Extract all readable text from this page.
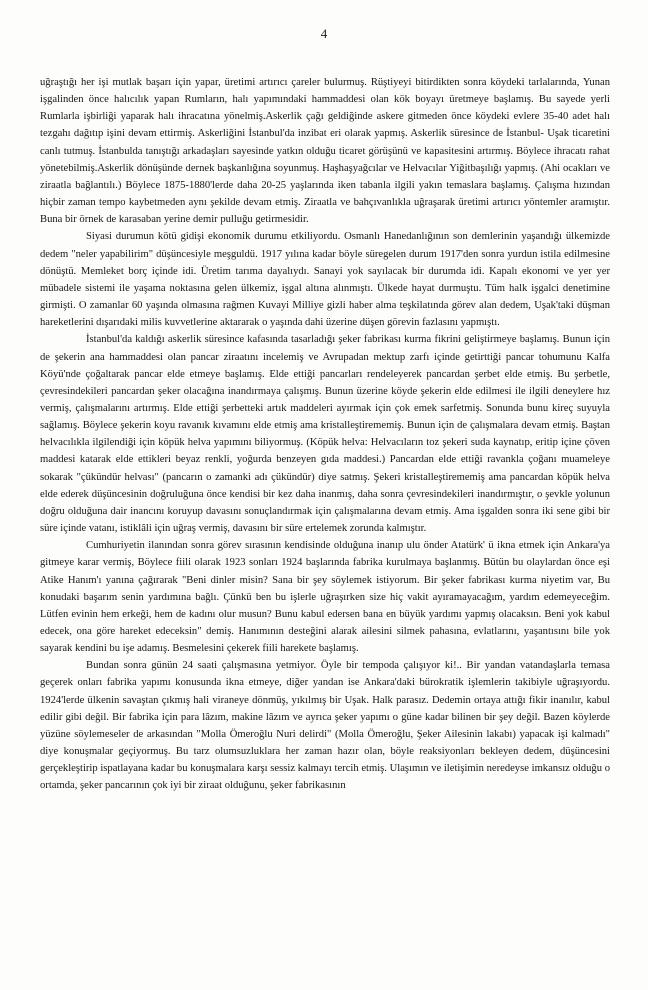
4

uğraştığı her işi mutlak başarı için yapar, üretimi artırıcı çareler bulurmuş. Rüştiyeyi bitirdikten sonra köydeki tarlalarında, Yunan işgalinden önce halıcılık yapan Rumların, halı yapımındaki hammaddesi olan kök boyayı üretmeye başlamış. Bu sayede yerli Rumlarla işbirliği yaparak halı ihracatına yönelmiş.Askerlik çağı geldiğinde askere gitmeden önce köydeki evlere 35-40 adet halı tezgahı dağıtıp işini devam ettirmiş. Askerliğini İstanbul'da inzibat eri olarak yapmış. Askerlik süresince de İstanbul- Uşak ticaretini canlı tutmuş. İstanbulda tanıştığı arkadaşları sayesinde yatkın olduğu ticaret görüşünü ve kapasitesini artırmış. Böylece ihracatı rahat yönetebilmiş.Askerlik dönüşünde dernek başkanlığına soyunmuş. Haşhaşyağcılar ve Helvacılar Yiğitbaşılığı yapmış. (Ahi ocakları ve ziraatla bağlantılı.) Böylece 1875-1880'lerde daha 20-25 yaşlarında iken tabanla ilgili yakın temaslara başlamış. Çalışma hızından hiçbir zaman tempo kaybetmeden aynı şekilde devam etmiş. Ziraatla ve bahçıvanlıkla uğraşarak üretimi artırıcı yöntemler aramıştır. Buna bir örnek de karasaban yerine demir pulluğu getirmesidir.

Siyasi durumun kötü gidişi ekonomik durumu etkiliyordu. Osmanlı Hanedanlığının son demlerinin yaşandığı ülkemizde dedem "neler yapabilirim" düşüncesiyle meşguldü. 1917 yılına kadar böyle süregelen durum 1917'den sonra yurdun istila edilmesine dönüştü. Memleket borç içinde idi. Üretim tarıma dayalıydı. Sanayi yok sayılacak bir durumda idi. Kapalı ekonomi ve yer yer mübadele sistemi ile yaşama noktasına gelen ülkemiz, işgal altına alınmıştı. Ülkede hayat durmuştu. Tüm halk işgalci denetimine girmişti. O zamanlar 60 yaşında olmasına rağmen Kuvayi Milliye gizli haber alma teşkilatında görev alan dedem, Uşak'taki düşman hareketlerini dışarıdaki milis kuvvetlerine aktararak o yaşında dahi üzerine düşen görevin fazlasını yapmıştı.

İstanbul'da kaldığı askerlik süresince kafasında tasarladığı şeker fabrikası kurma fikrini geliştirmeye başlamış. Bunun için de şekerin ana hammaddesi olan pancar ziraatını incelemiş ve Avrupadan mektup zarfı içinde getirttiği pancar tohumunu Kalfa Köyü'nde çoğaltarak pancar elde etmeye başlamış. Elde ettiği pancarları rendeleyerek pancardan şerbet elde etmiş. Bu şerbetle, çevresindekileri pancardan şeker olacağına inandırmaya çalışmış. Bunun üzerine köyde şekerin elde edilmesi ile ilgili deneylere hız vermiş, çalışmalarını artırmış. Elde ettiği şerbetteki artık maddeleri ayırmak için çok emek sarfetmiş. Sonunda bunu kireç suyuyla sağlamış. Böylece şekerin koyu ravanık kıvamını elde etmiş ama kristalleştirememiş. Bunun için de çalışmalara devam etmiş. Baştan helvacılıkla ilgilendiği için köpük helva yapımını biliyormuş. (Köpük helva: Helvacıların toz şekeri suda kaynatıp, eritip içine çöven maddesi katarak elde ettikleri beyaz renkli, yoğurda benzeyen gıda maddesi.) Pancardan elde ettiği ravankla çoğanı muameleye sokarak "çükündür helvası" (pancarın o zamanki adı çükündür) diye satmış. Şekeri kristalleştirememiş ama pancardan köpük helva elde ederek düşüncesinin doğruluğuna önce kendisi bir kez daha inanmış, daha sonra çevresindekileri inandırmıştır, o şevkle yolunun doğru olduğuna dair inancını koruyup davasını sonuçlandırmak için çalışmalarına devam etmiş. Ama işgalden sonra iki sene gibi bir süre içinde vatanı, istiklâli için uğraş vermiş, davasını bir süre ertelemek zorunda kalmıştır.

Cumhuriyetin ilanından sonra görev sırasının kendisinde olduğuna inanıp ulu önder Atatürk' ü ikna etmek için Ankara'ya gitmeye karar vermiş, Böylece fiili olarak 1923 sonları 1924 başlarında fabrika kurulmaya başlanmış. Bütün bu olaylardan önce eşi Atike Hanım'ı yanına çağırarak "Beni dinler misin? Sana bir şey söylemek istiyorum. Bir şeker fabrikası kurma niyetim var, Bu konudaki başarım senin yardımına bağlı. Çünkü ben bu işlerle uğraşırken size hiç vakit ayıramayacağım, yardım edemeyeceğim. Lütfen evinin hem erkeği, hem de kadını olur musun? Bunu kabul edersen bana en büyük yardımı yapmış olacaksın. Beni yok kabul edecek, ona göre hareket edeceksin" demiş. Hanımının desteğini alarak ailesini silmek pahasına, evlatlarını, yaşantısını bile yok sayarak kendini bu işe adamış. Besmelesini çekerek fiili harekete başlamış.

Bundan sonra günün 24 saati çalışmasına yetmiyor. Öyle bir tempoda çalışıyor ki!.. Bir yandan vatandaşlarla temasa geçerek onları fabrika yapımı konusunda ikna etmeye, diğer yandan ise Ankara'daki bürokratik işlemlerin takibiyle uğraşıyordu. 1924'lerde ülkenin savaştan çıkmış hali viraneye dönmüş, yıkılmış bir Uşak. Halk parasız. Dedemin ortaya attığı fikir inanılır, kabul edilir gibi değil. Bir fabrika için para lâzım, makine lâzım ve ayrıca şeker yapımı o güne kadar bilinen bir şey değil. Bazen köylerde yüzüne söylemeseler de arkasından "Molla Ömeroğlu Nuri delirdi" (Molla Ömeroğlu, Şeker Ailesinin lakabı) yapacak işi kalmadı" diye konuşmalar geçiyormuş. Bu tarz olumsuzluklara her zaman hazır olan, böyle reaksiyonları bekleyen dedem, düşüncesini gerçekleştirip ispatlayana kadar bu konuşmalara karşı sessiz kalmayı tercih etmiş. Ulaşımın ve iletişimin neredeyse imkansız olduğu o ortamda, şeker pancarının çok iyi bir ziraat olduğunu, şeker fabrikasının
